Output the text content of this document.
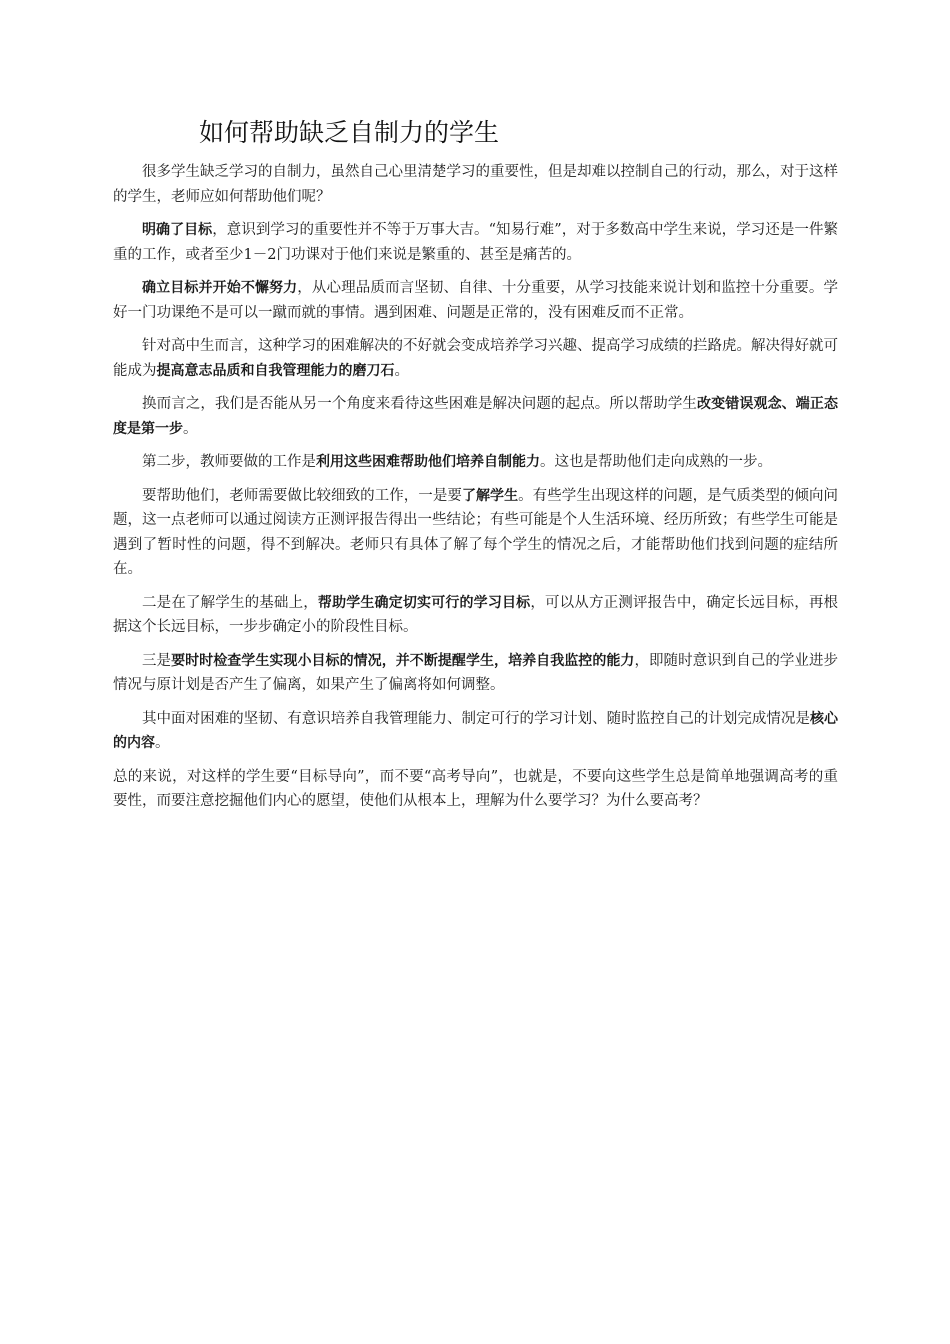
如何帮助缺乏自制力的学生

很多学生缺乏学习的自制力，虽然自己心里清楚学习的重要性，但是却难以控制自己的行动，那么，对于这样的学生，老师应如何帮助他们呢？

明确了目标，意识到学习的重要性并不等于万事大吉。“知易行难”，对于多数高中学生来说，学习还是一件繁重的工作，或者至少1－2门功课对于他们来说是繁重的、甚至是痛苦的。

确立目标并开始不懈努力，从心理品质而言坚韧、自律、十分重要，从学习技能来说计划和监控十分重要。学好一门功课绝不是可以一蹴而就的事情。遇到困难、问题是正常的，没有困难反而不正常。

针对高中生而言，这种学习的困难解决的不好就会变成培养学习兴趣、提高学习成绩的拦路虎。解决得好就可能成为提高意志品质和自我管理能力的磨刀石。

换而言之，我们是否能从另一个角度来看待这些困难是解决问题的起点。所以帮助学生改变错误观念、端正态度是第一步。

第二步，教师要做的工作是利用这些困难帮助他们培养自制能力。这也是帮助他们走向成熟的一步。

要帮助他们，老师需要做比较细致的工作，一是要了解学生。有些学生出现这样的问题，是气质类型的倾向问题，这一点老师可以通过阅读方正测评报告得出一些结论；有些可能是个人生活环境、经历所致；有些学生可能是遇到了暂时性的问题，得不到解决。老师只有具体了解了每个学生的情况之后，才能帮助他们找到问题的症结所在。

二是在了解学生的基础上，帮助学生确定切实可行的学习目标，可以从方正测评报告中，确定长远目标，再根据这个长远目标，一步步确定小的阶段性目标。

三是要时时检查学生实现小目标的情况，并不断提醒学生，培养自我监控的能力，即随时意识到自己的学业进步情况与原计划是否产生了偏离，如果产生了偏离将如何调整。

其中面对困难的坚韧、有意识培养自我管理能力、制定可行的学习计划、随时监控自己的计划完成情况是核心的内容。

总的来说，对这样的学生要“目标导向”，而不要“高考导向”，也就是，不要向这些学生总是简单地强调高考的重要性，而要注意挖掘他们内心的愿望，使他们从根本上，理解为什么要学习？为什么要高考？
